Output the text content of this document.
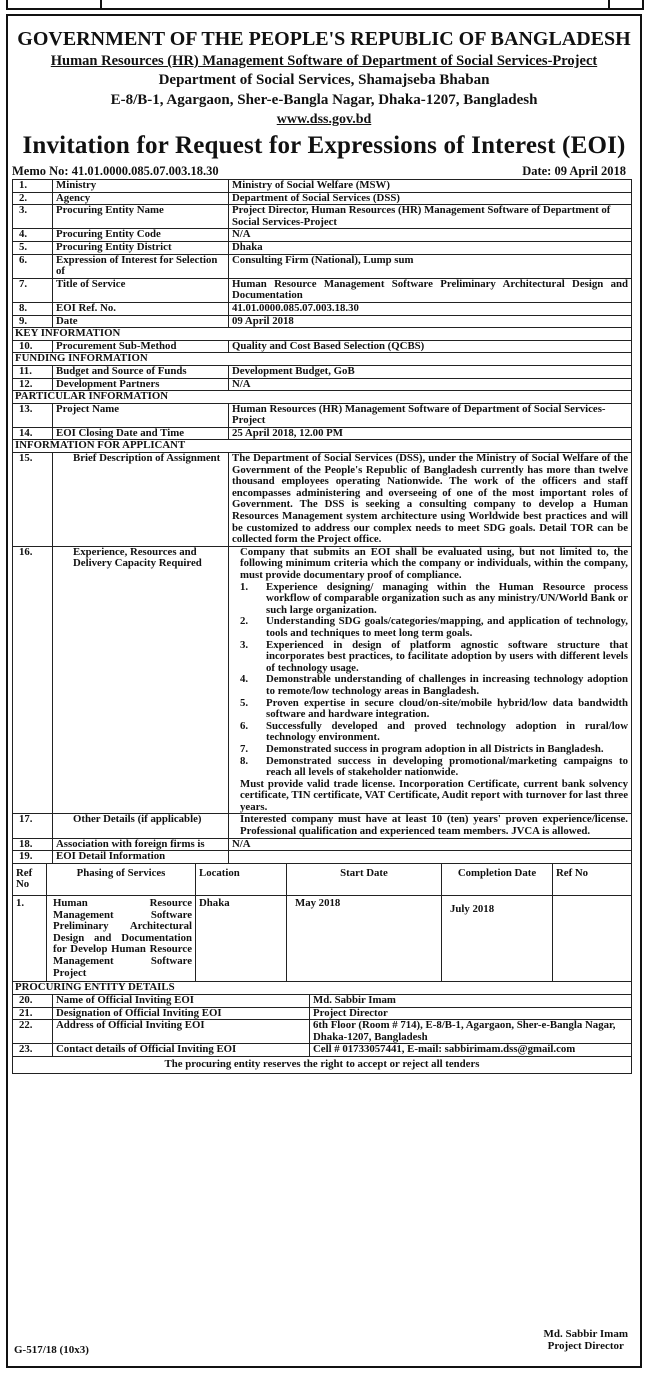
GOVERNMENT OF THE PEOPLE'S REPUBLIC OF BANGLADESH
Human Resources (HR) Management Software of Department of Social Services-Project
Department of Social Services, Shamajseba Bhaban
E-8/B-1, Agargaon, Sher-e-Bangla Nagar, Dhaka-1207, Bangladesh
www.dss.gov.bd
Invitation for Request for Expressions of Interest (EOI)
Memo No: 41.01.0000.085.07.003.18.30	Date: 09 April 2018
1.	Ministry	Ministry of Social Welfare (MSW)
2.	Agency	Department of Social Services (DSS)
3.	Procuring Entity Name	Project Director, Human Resources (HR) Management Software of Department of Social Services-Project
4.	Procuring Entity Code	N/A
5.	Procuring Entity District	Dhaka
6.	Expression of Interest for Selection of	Consulting Firm (National), Lump sum
7.	Title of Service	Human Resource Management Software Preliminary Architectural Design and Documentation
8.	EOI Ref. No.	41.01.0000.085.07.003.18.30
9.	Date	09 April 2018
KEY INFORMATION
10.	Procurement Sub-Method	Quality and Cost Based Selection (QCBS)
FUNDING INFORMATION
11.	Budget and Source of Funds	Development Budget, GoB
12.	Development Partners	N/A
PARTICULAR INFORMATION
13.	Project Name	Human Resources (HR) Management Software of Department of Social Services-Project
14.	EOI Closing Date and Time	25 April 2018, 12.00 PM
INFORMATION FOR APPLICANT
15.	Brief Description of Assignment	The Department of Social Services (DSS), under the Ministry of Social Welfare of the Government of the People's Republic of Bangladesh currently has more than twelve thousand employees operating Nationwide. The work of the officers and staff encompasses administering and overseeing of one of the most important roles of Government. The DSS is seeking a consulting company to develop a Human Resources Management system architecture using Worldwide best practices and will be customized to address our complex needs to meet SDG goals. Detail TOR can be collected form the Project office.
16.	Experience, Resources and Delivery Capacity Required	
Company that submits an EOI shall be evaluated using, but not limited to, the following minimum criteria which the company or individuals, within the company, must provide documentary proof of compliance.
1.	Experience designing/ managing within the Human Resource process workflow of comparable organization such as any ministry/UN/World Bank or such large organization.
2.	Understanding SDG goals/categories/mapping, and application of technology, tools and techniques to meet long term goals.
3.	Experienced in design of platform agnostic software structure that incorporates best practices, to facilitate adoption by users with different levels of technology usage.
4.	Demonstrable understanding of challenges in increasing technology adoption to remote/low technology areas in Bangladesh.
5.	Proven expertise in secure cloud/on-site/mobile hybrid/low data bandwidth software and hardware integration.
6.	Successfully developed and proved technology adoption in rural/low technology environment.
7.	Demonstrated success in program adoption in all Districts in Bangladesh.
8.	Demonstrated success in developing promotional/marketing campaigns to reach all levels of stakeholder nationwide.
Must provide valid trade license. Incorporation Certificate, current bank solvency certificate, TIN certificate, VAT Certificate, Audit report with turnover for last three years.

17.	Other Details (if applicable)	Interested company must have at least 10 (ten) years' proven experience/license. Professional qualification and experienced team members. JVCA is allowed.
18.	Association with foreign firms is	N/A
19.	EOI Detail Information	

Ref No	Phasing of Services	Location	Start Date	Completion Date	Ref No
1.	Human Resource Management Software Preliminary Architectural Design and Documentation for Develop Human Resource Management Software Project	Dhaka	May 2018	July 2018	

PROCURING ENTITY DETAILS
20.	Name of Official Inviting EOI	Md. Sabbir Imam
21.	Designation of Official Inviting EOI	Project Director
22.	Address of Official Inviting EOI	6th Floor (Room # 714), E-8/B-1, Agargaon, Sher-e-Bangla Nagar, Dhaka-1207, Bangladesh
23.	Contact details of Official Inviting EOI	Cell # 01733057441, E-mail: sabbirimam.dss@gmail.com
The procuring entity reserves the right to accept or reject all tenders		
Md. Sabbir Imam
Project Director
G-517/18 (10x3)
